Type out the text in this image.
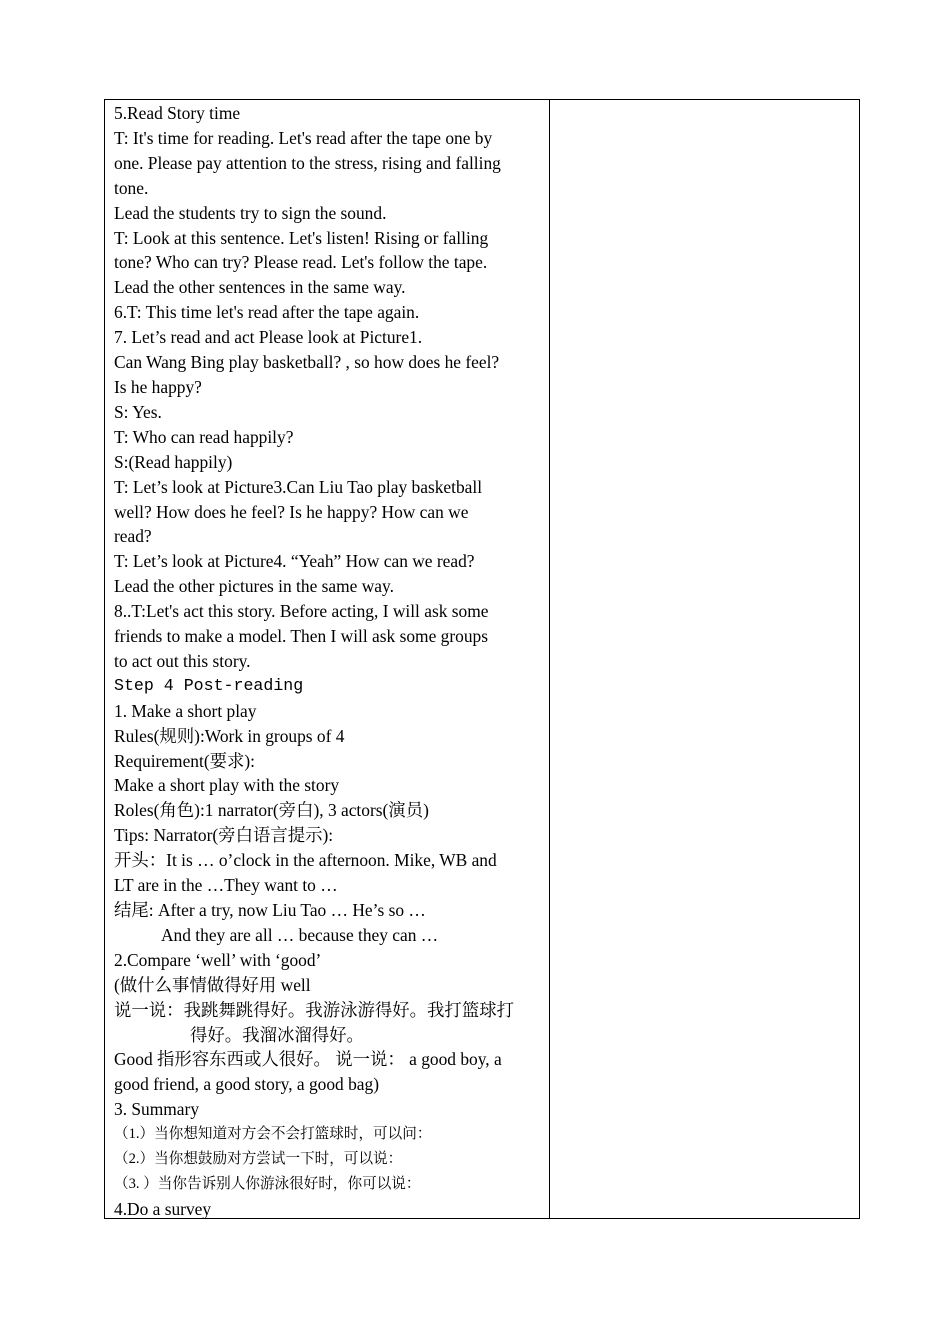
5.Read Story time
T: It's time for reading. Let's read after the tape one by
one. Please pay attention to the stress, rising and falling
tone.
Lead the students try to sign the sound.
T: Look at this sentence. Let's listen! Rising or falling
tone? Who can try? Please read. Let's follow the tape.
Lead the other sentences in the same way.
6.T: This time let's read after the tape again.
7. Let’s read and act Please look at Picture1.
Can Wang Bing play basketball? , so how does he feel?
Is he happy?
S: Yes.
T: Who can read happily?
S:(Read happily)
T: Let’s look at Picture3.Can Liu Tao play basketball
well? How does he feel? Is he happy? How can we
read?
T: Let’s look at Picture4. “Yeah” How can we read?
Lead the other pictures in the same way.
8..T:Let's act this story. Before acting, I will ask some
friends to make a model. Then I will ask some groups
to act out this story.
Step 4 Post-reading
1. Make a short play
Rules(规则):Work in groups of 4
Requirement(要求):
Make a short play with the story
Roles(角色):1 narrator(旁白), 3 actors(演员)
Tips: Narrator(旁白语言提示):
开头：It is … o’clock in the afternoon. Mike, WB and
LT are in the …They want to …
结尾: After a try, now Liu Tao … He’s so …
And they are all … because they can …
2.Compare ‘well’ with ‘good’
(做什么事情做得好用 well
说一说：我跳舞跳得好。我游泳游得好。我打篮球打
得好。我溜冰溜得好。
Good 指形容东西或人很好。 说一说： a good boy, a
good friend, a good story, a good bag)
3. Summary
（1.）当你想知道对方会不会打篮球时，可以问：
（2.）当你想鼓励对方尝试一下时，可以说：
（3. ）当你告诉别人你游泳很好时，你可以说：
4.Do a survey
